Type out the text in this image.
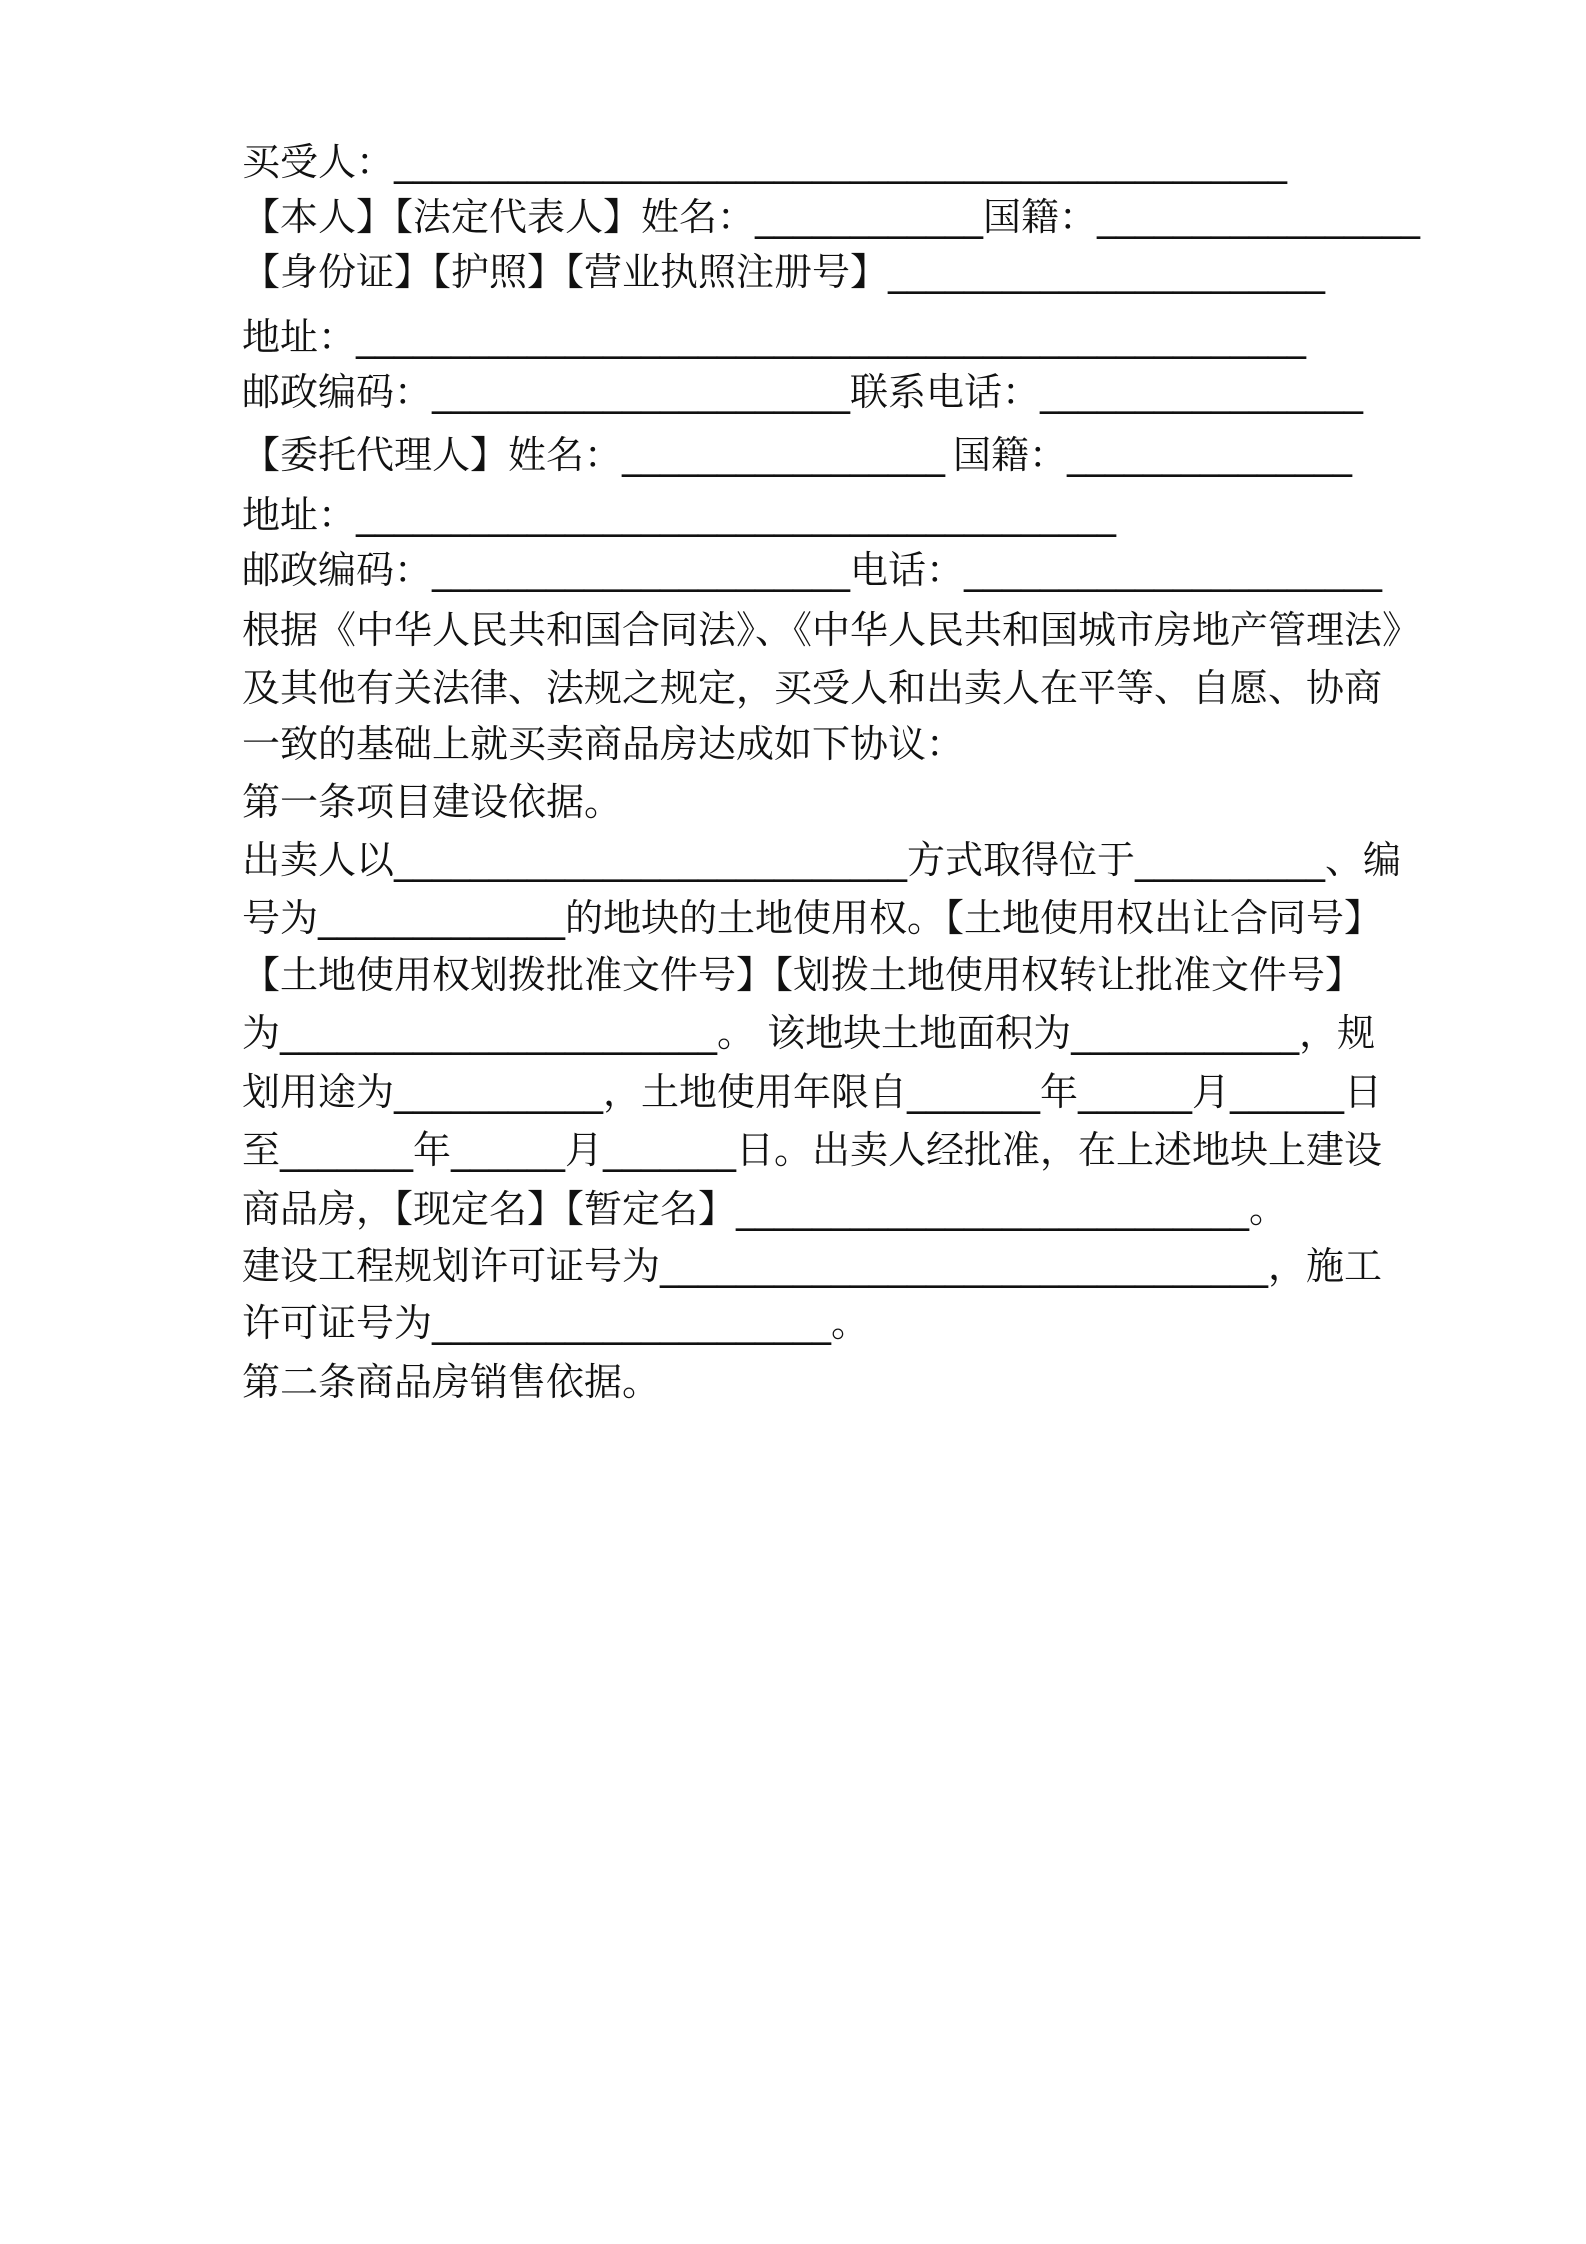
买受人：_______________________________________________
【本人】【法定代表人】姓名：____________ 国籍：_________________
【身份证】【护照】【营业执照注册号】_______________________
地址：__________________________________________________
邮政编码：______________________ 联系电话：_________________
【委托代理人】姓名：_________________ 国籍：_______________
地址：________________________________________
邮政编码：______________________ 电话：______________________
根据《中华人民共和国合同法》、《中华人民共和国城市房地产管理法》
及其他有关法律、法规之规定，买受人和出卖人在平等、自愿、协商
一致的基础上就买卖商品房达成如下协议：
第一条项目建设依据。
出卖人以___________________________方式取得位于__________、编
号为_____________的地块的土地使用权。【土地使用权出让合同号】
【土地使用权划拨批准文件号】【划拨土地使用权转让批准文件号】
为_______________________。 该地块土地面积为____________，规
划用途为___________，土地使用年限自_______年______月______日
至_______年______月_______日。出卖人经批准，在上述地块上建设
商品房，【现定名】【暂定名】___________________________。
建设工程规划许可证号为________________________________，施工
许可证号为_____________________。
第二条商品房销售依据。
